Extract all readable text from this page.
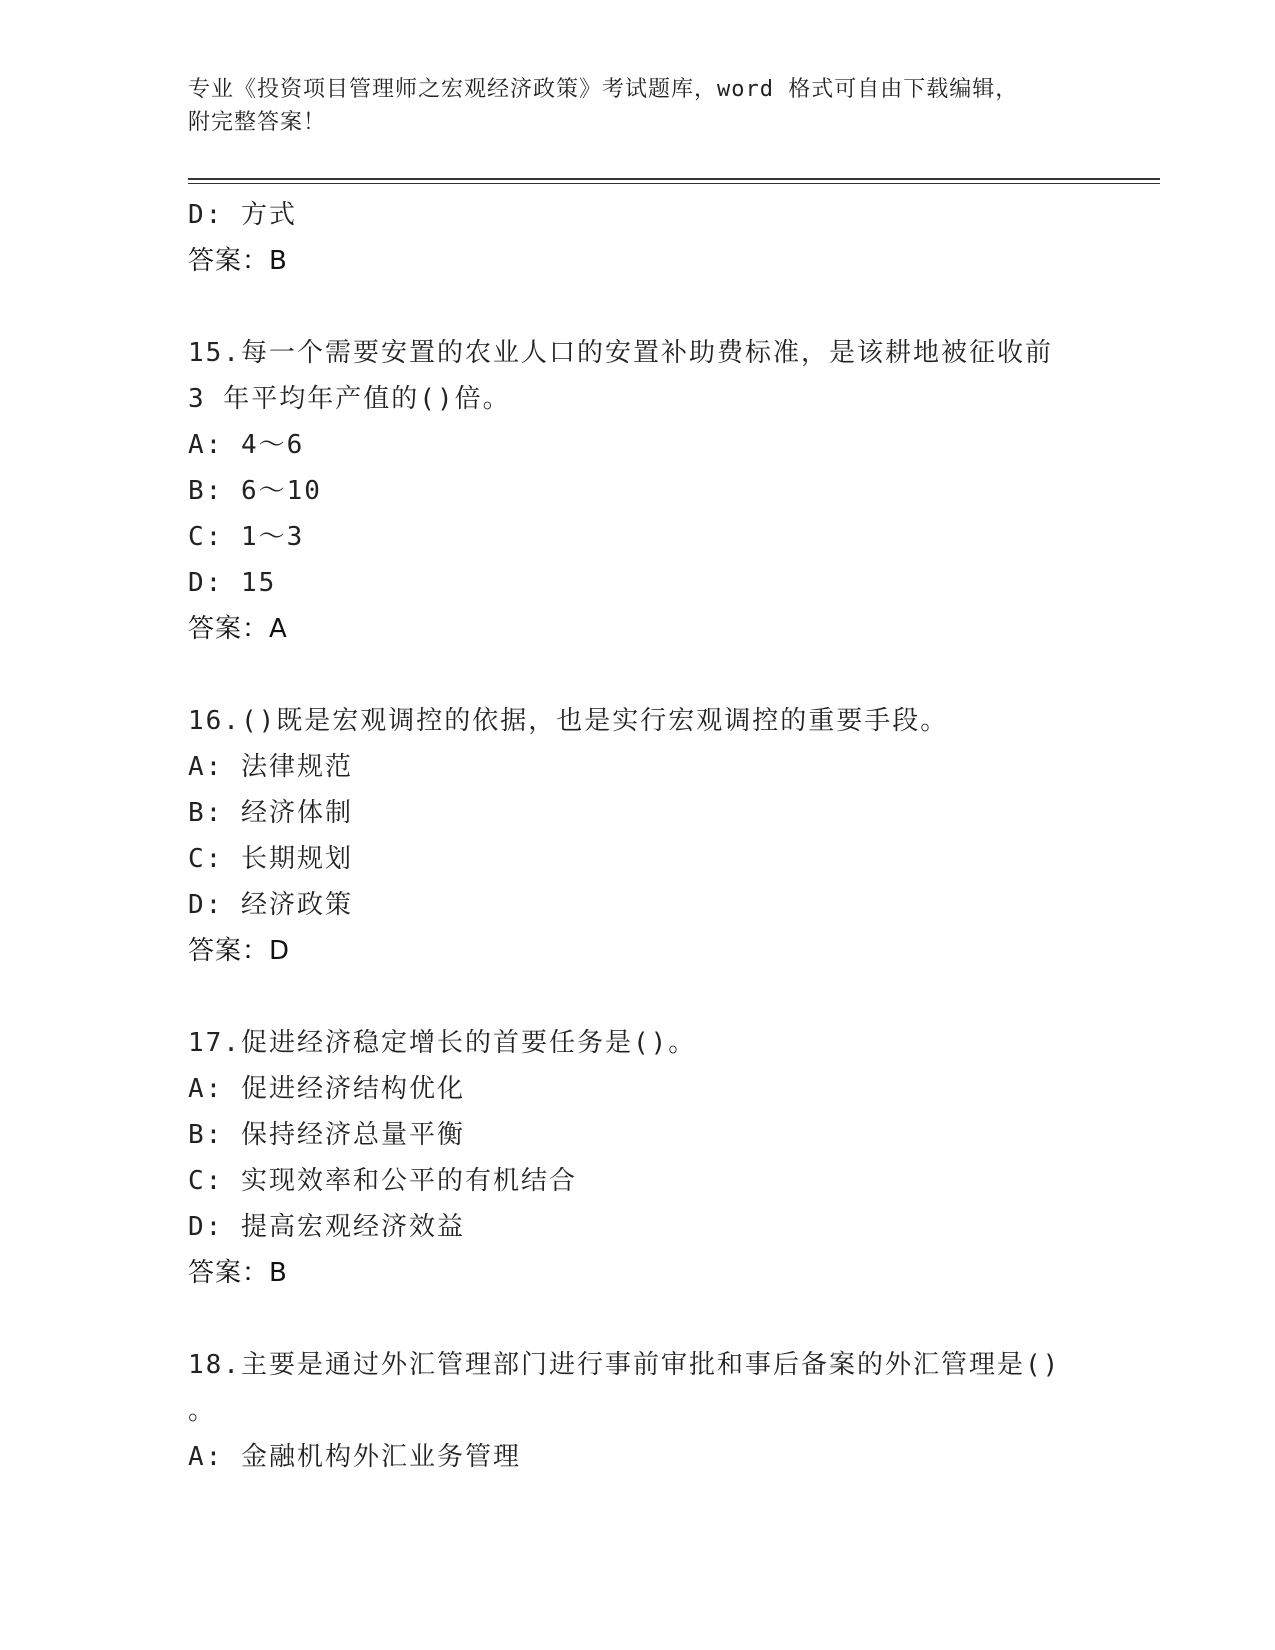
专业《投资项目管理师之宏观经济政策》考试题库，word 格式可自由下载编辑，
附完整答案！
D: 方式
答案：B
15.每一个需要安置的农业人口的安置补助费标准，是该耕地被征收前
3 年平均年产值的()倍。
A: 4～6
B: 6～10
C: 1～3
D: 15
答案：A
16.()既是宏观调控的依据，也是实行宏观调控的重要手段。
A: 法律规范
B: 经济体制
C: 长期规划
D: 经济政策
答案：D
17.促进经济稳定增长的首要任务是()。
A: 促进经济结构优化
B: 保持经济总量平衡
C: 实现效率和公平的有机结合
D: 提高宏观经济效益
答案：B
18.主要是通过外汇管理部门进行事前审批和事后备案的外汇管理是()
。
A: 金融机构外汇业务管理
